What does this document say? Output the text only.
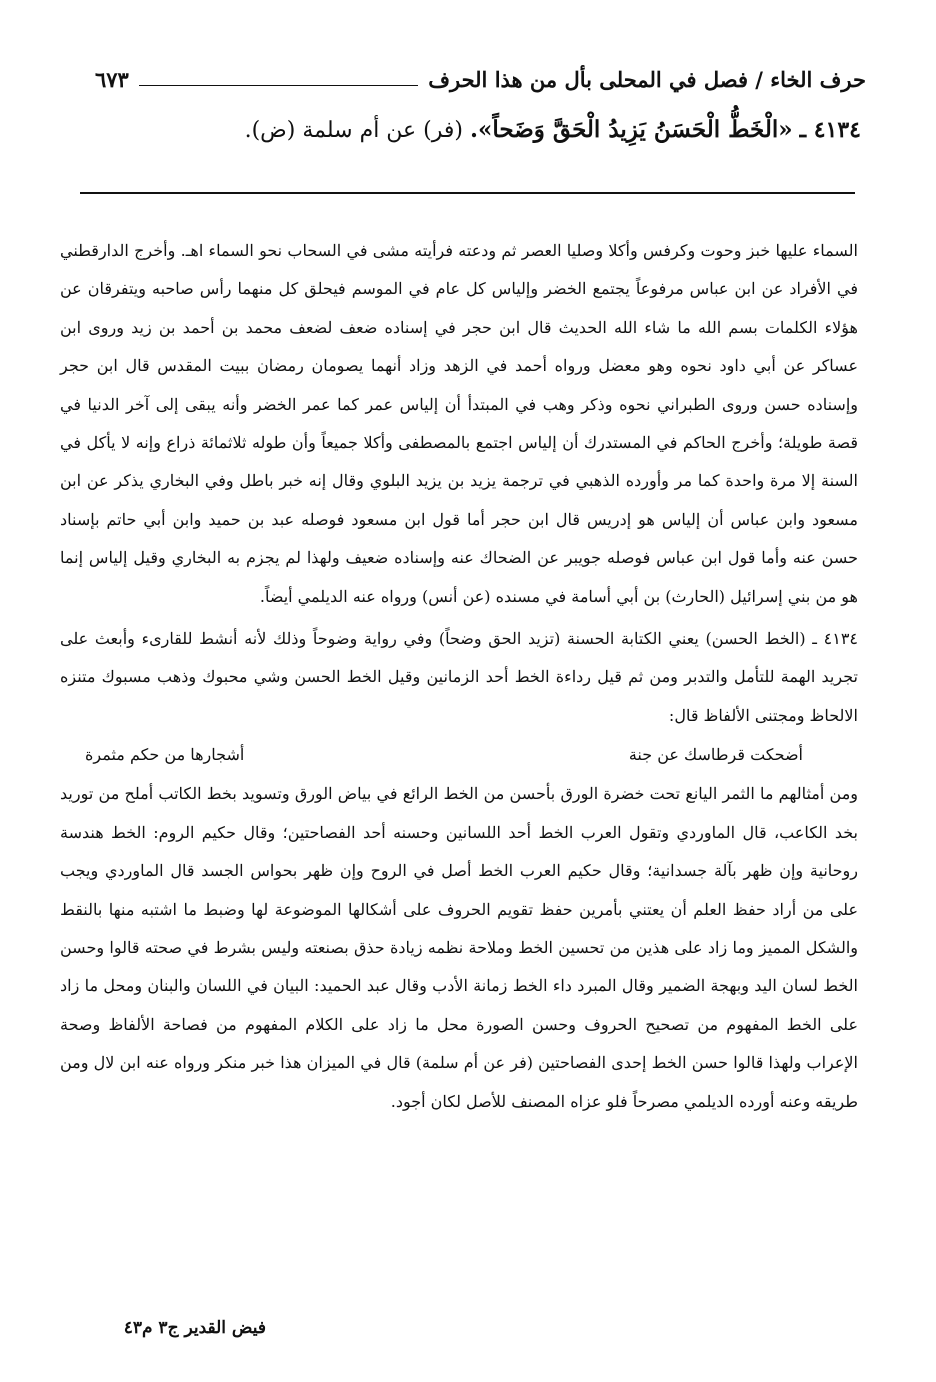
حرف الخاء / فصل في المحلى بأل من هذا الحرف
٦٧٣
٤١٣٤ ـ «الْخَطُّ الْحَسَنُ يَزِيدُ الْحَقَّ وَضَحاً». (فر) عن أم سلمة (ض).

السماء عليها خبز وحوت وكرفس وأكلا وصليا العصر ثم ودعته فرأيته مشى في السحاب نحو السماء اهـ. وأخرج الدارقطني في الأفراد عن ابن عباس مرفوعاً يجتمع الخضر وإلياس كل عام في الموسم فيحلق كل منهما رأس صاحبه ويتفرقان عن هؤلاء الكلمات بسم الله ما شاء الله الحديث قال ابن حجر في إسناده ضعف لضعف محمد بن أحمد بن زيد وروى ابن عساكر عن أبي داود نحوه وهو معضل ورواه أحمد في الزهد وزاد أنهما يصومان رمضان ببيت المقدس قال ابن حجر وإسناده حسن وروى الطبراني نحوه وذكر وهب في المبتدأ أن إلياس عمر كما عمر الخضر وأنه يبقى إلى آخر الدنيا في قصة طويلة؛ وأخرج الحاكم في المستدرك أن إلياس اجتمع بالمصطفى وأكلا جميعاً وأن طوله ثلاثمائة ذراع وإنه لا يأكل في السنة إلا مرة واحدة كما مر وأورده الذهبي في ترجمة يزيد بن يزيد البلوي وقال إنه خبر باطل وفي البخاري يذكر عن ابن مسعود وابن عباس أن إلياس هو إدريس قال ابن حجر أما قول ابن مسعود فوصله عبد بن حميد وابن أبي حاتم بإسناد حسن عنه وأما قول ابن عباس فوصله جويبر عن الضحاك عنه وإسناده ضعيف ولهذا لم يجزم به البخاري وقيل إلياس إنما هو من بني إسرائيل (الحارث) بن أبي أسامة في مسنده (عن أنس) ورواه عنه الديلمي أيضاً.

٤١٣٤ ـ (الخط الحسن) يعني الكتابة الحسنة (تزيد الحق وضحاً) وفي رواية وضوحاً وذلك لأنه أنشط للقارىء وأبعث على تجريد الهمة للتأمل والتدبر ومن ثم قيل رداءة الخط أحد الزمانين وقيل الخط الحسن وشي محبوك وذهب مسبوك متنزه الالحاظ ومجتنى الألفاظ قال:

أضحكت قرطاسك عن جنة
أشجارها من حكم مثمرة

ومن أمثالهم ما الثمر اليانع تحت خضرة الورق بأحسن من الخط الرائع في بياض الورق وتسويد بخط الكاتب أملح من توريد بخد الكاعب، قال الماوردي وتقول العرب الخط أحد اللسانين وحسنه أحد الفصاحتين؛ وقال حكيم الروم: الخط هندسة روحانية وإن ظهر بآلة جسدانية؛ وقال حكيم العرب الخط أصل في الروح وإن ظهر بحواس الجسد قال الماوردي ويجب على من أراد حفظ العلم أن يعتني بأمرين حفظ تقويم الحروف على أشكالها الموضوعة لها وضبط ما اشتبه منها بالنقط والشكل المميز وما زاد على هذين من تحسين الخط وملاحة نظمه زيادة حذق بصنعته وليس بشرط في صحته قالوا وحسن الخط لسان اليد وبهجة الضمير وقال المبرد داء الخط زمانة الأدب وقال عبد الحميد: البيان في اللسان والبنان ومحل ما زاد على الخط المفهوم من تصحيح الحروف وحسن الصورة محل ما زاد على الكلام المفهوم من فصاحة الألفاظ وصحة الإعراب ولهذا قالوا حسن الخط إحدى الفصاحتين (فر عن أم سلمة) قال في الميزان هذا خبر منكر ورواه عنه ابن لال ومن طريقه وعنه أورده الديلمي مصرحاً فلو عزاه المصنف للأصل لكان أجود.

فيض القدير ج٣ م٤٣
